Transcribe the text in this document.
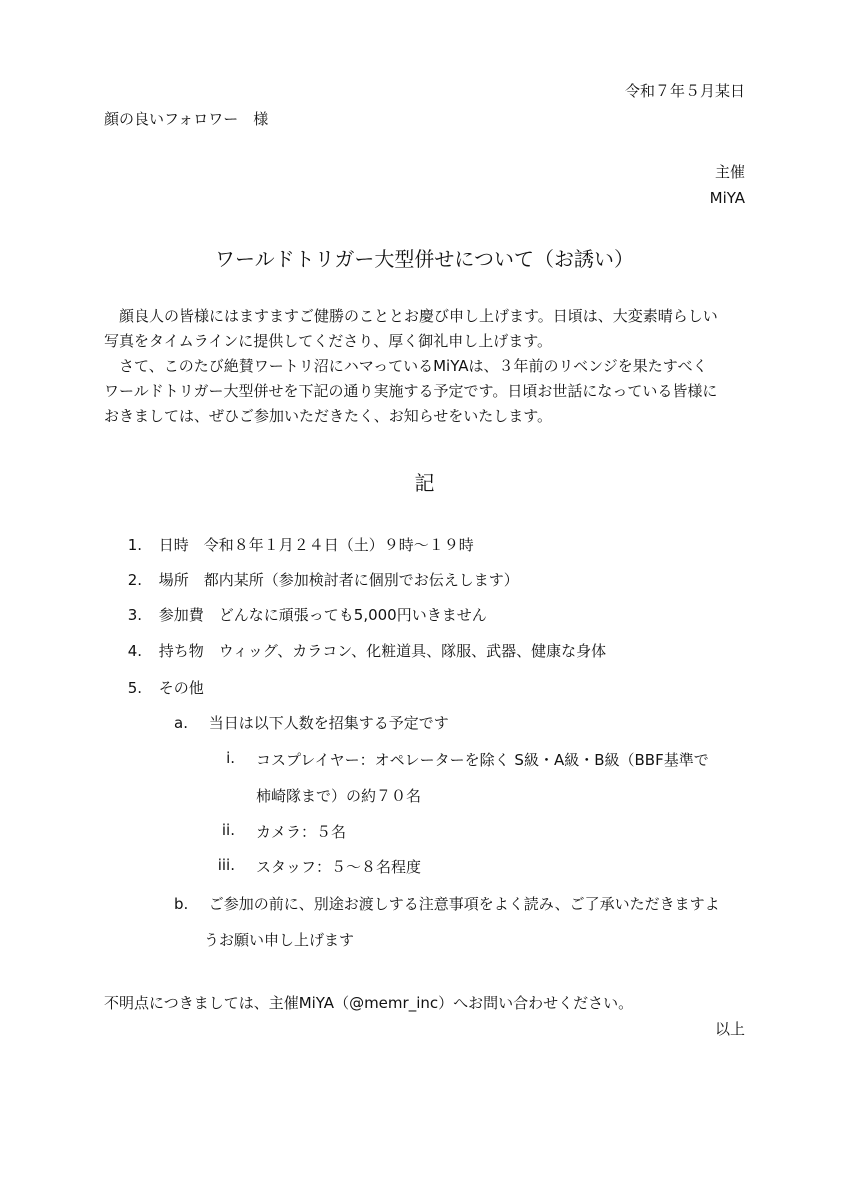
令和７年５月某日
顔の良いフォロワー　様
主催
MiYA
ワールドトリガー大型併せについて（お誘い）

　顔良人の皆様にはますますご健勝のこととお慶び申し上げます。日頃は、大変素晴らしい

写真をタイムラインに提供してくださり、厚く御礼申し上げます。

　さて、このたび絶賛ワートリ沼にハマっているMiYAは、３年前のリベンジを果たすべく

ワールドトリガー大型併せを下記の通り実施する予定です。日頃お世話になっている皆様に

おきましては、ぜひご参加いただきたく、お知らせをいたします。

記
1. 日時　令和８年１月２４日（土）９時〜１９時
2. 場所　都内某所（参加検討者に個別でお伝えします）
3. 参加費　どんなに頑張っても5,000円いきません
4. 持ち物　ウィッグ、カラコン、化粧道具、隊服、武器、健康な身体
5. その他
a. 当日は以下人数を招集する予定です
i. コスプレイヤー：オペレーターを除く S級・A級・B級（BBF基準で
柿崎隊まで）の約７０名
ii. カメラ：５名
iii. スタッフ：５〜８名程度
b. ご参加の前に、別途お渡しする注意事項をよく読み、ご了承いただきますよ
うお願い申し上げます
不明点につきましては、主催MiYA（@memr_inc）へお問い合わせください。
以上
